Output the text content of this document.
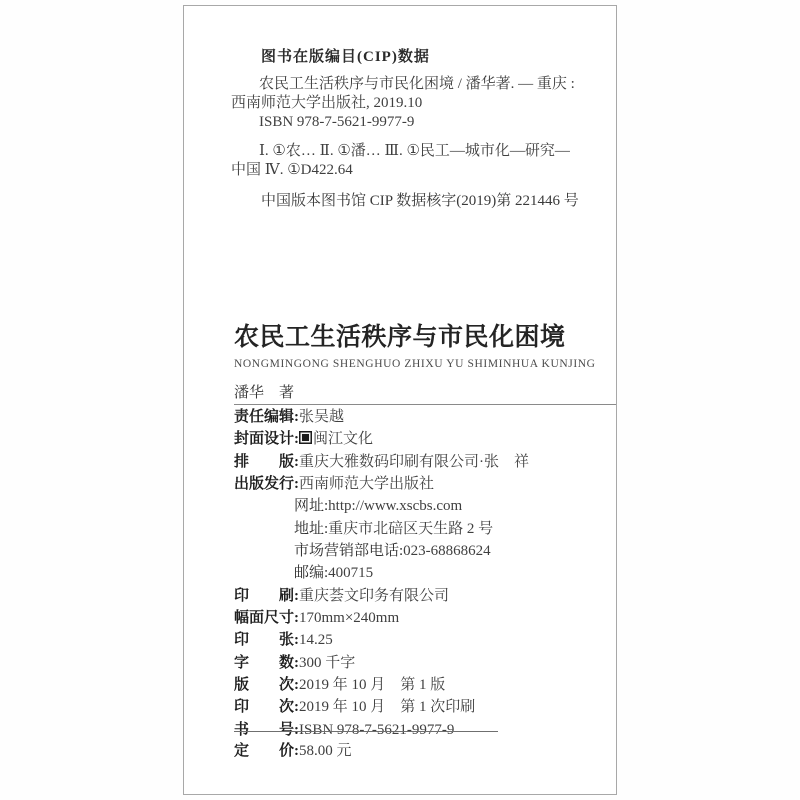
图书在版编目(CIP)数据
农民工生活秩序与市民化困境 / 潘华著. — 重庆 :
西南师范大学出版社, 2019.10
ISBN 978-7-5621-9977-9
Ⅰ. ①农… Ⅱ. ①潘… Ⅲ. ①民工—城市化—研究—
中国 Ⅳ. ①D422.64
中国版本图书馆 CIP 数据核字(2019)第 221446 号
农民工生活秩序与市民化困境
NONGMINGONG SHENGHUO ZHIXU YU SHIMINHUA KUNJING
潘华　著
责任编辑:张吴越
封面设计: 闽江文化
排　　版:重庆大雅数码印刷有限公司·张　祥
出版发行:西南师范大学出版社
网址:http://www.xscbs.com
地址:重庆市北碚区天生路 2 号
市场营销部电话:023-68868624
邮编:400715
印　　刷:重庆荟文印务有限公司
幅面尺寸:170mm×240mm
印　　张:14.25
字　　数:300 千字
版　　次:2019 年 10 月　第 1 版
印　　次:2019 年 10 月　第 1 次印刷
书　　号:ISBN 978-7-5621-9977-9
定　　价:58.00 元
